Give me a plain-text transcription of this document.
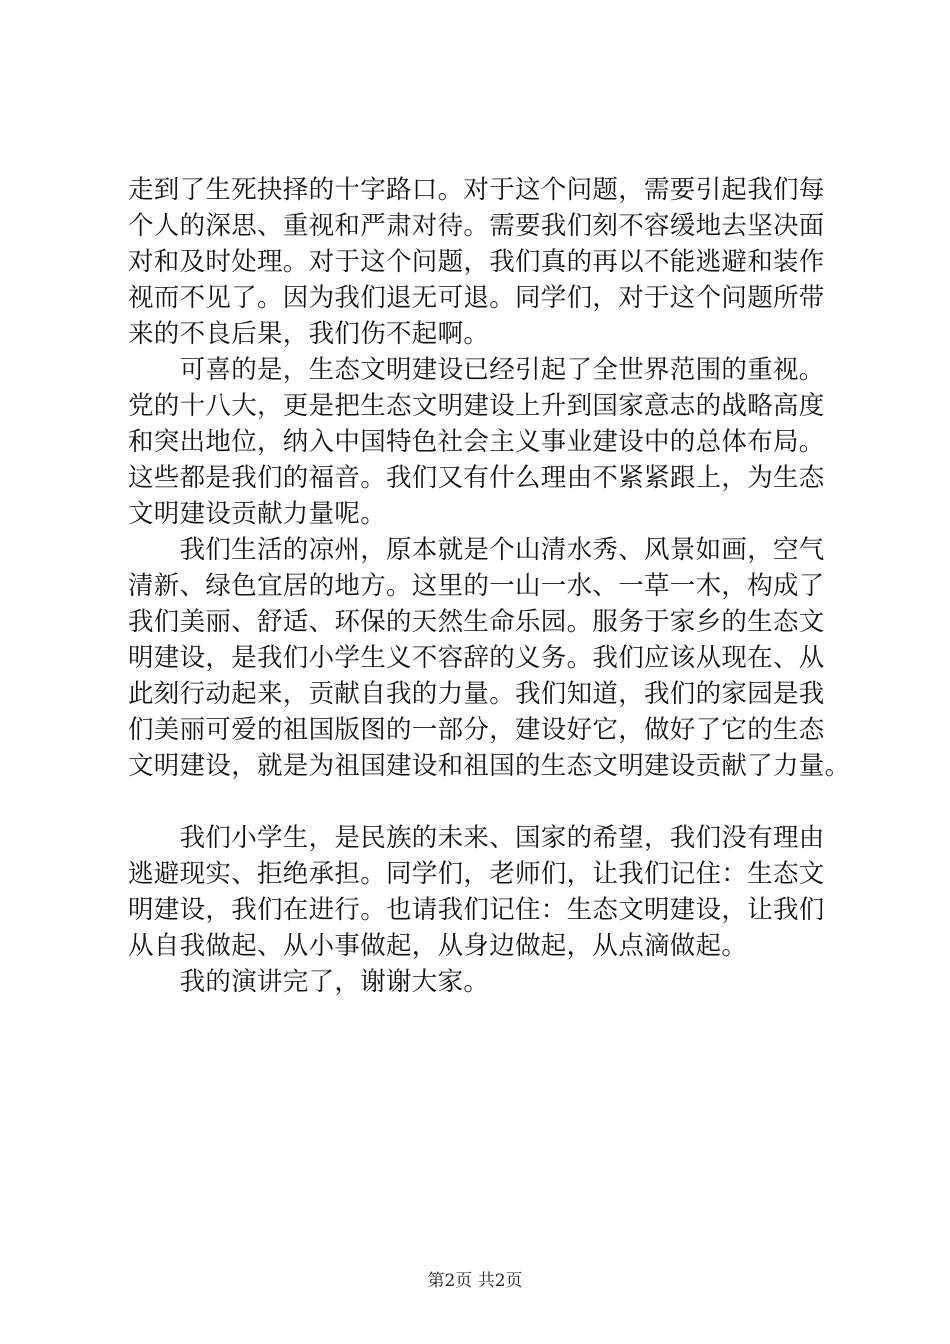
走到了生死抉择的十字路口。对于这个问题，需要引起我们每
个人的深思、重视和严肃对待。需要我们刻不容缓地去坚决面
对和及时处理。对于这个问题，我们真的再以不能逃避和装作
视而不见了。因为我们退无可退。同学们，对于这个问题所带
来的不良后果，我们伤不起啊。
　　可喜的是，生态文明建设已经引起了全世界范围的重视。
党的十八大，更是把生态文明建设上升到国家意志的战略高度
和突出地位，纳入中国特色社会主义事业建设中的总体布局。
这些都是我们的福音。我们又有什么理由不紧紧跟上，为生态
文明建设贡献力量呢。
　　我们生活的凉州，原本就是个山清水秀、风景如画，空气
清新、绿色宜居的地方。这里的一山一水、一草一木，构成了
我们美丽、舒适、环保的天然生命乐园。服务于家乡的生态文
明建设，是我们小学生义不容辞的义务。我们应该从现在、从
此刻行动起来，贡献自我的力量。我们知道，我们的家园是我
们美丽可爱的祖国版图的一部分，建设好它，做好了它的生态
文明建设，就是为祖国建设和祖国的生态文明建设贡献了力量。
　　我们小学生，是民族的未来、国家的希望，我们没有理由
逃避现实、拒绝承担。同学们，老师们，让我们记住：生态文
明建设，我们在进行。也请我们记住：生态文明建设，让我们
从自我做起、从小事做起，从身边做起，从点滴做起。
　　我的演讲完了，谢谢大家。
第2页 共2页
